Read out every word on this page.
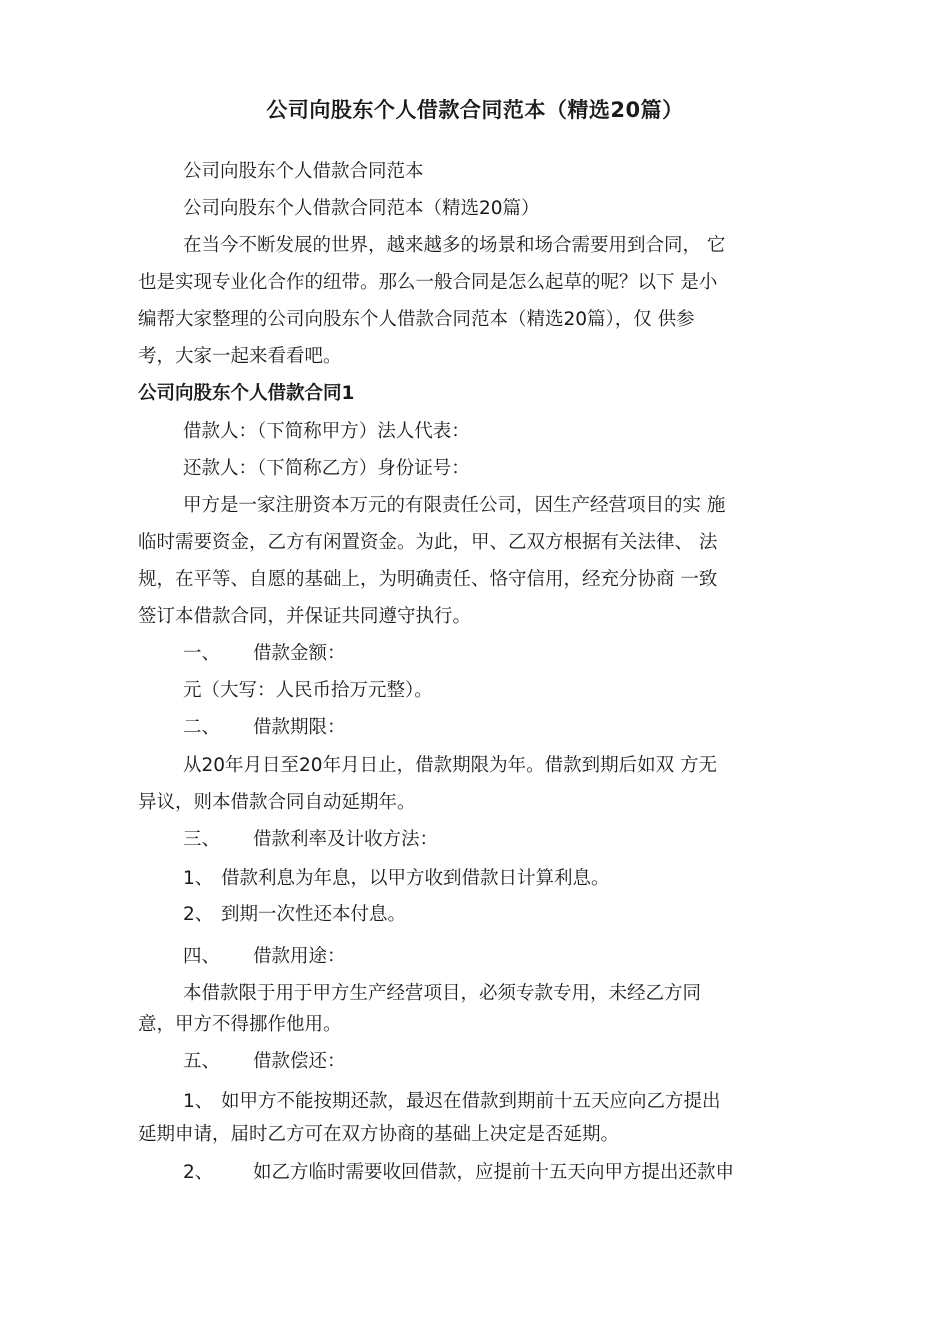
公司向股东个人借款合同范本（精选20篇）
公司向股东个人借款合同范本
公司向股东个人借款合同范本（精选20篇）
在当今不断发展的世界，越来越多的场景和场合需要用到合同， 它
也是实现专业化合作的纽带。那么一般合同是怎么起草的呢？以下 是小
编帮大家整理的公司向股东个人借款合同范本（精选20篇），仅 供参
考，大家一起来看看吧。
公司向股东个人借款合同1
借款人：（下简称甲方）法人代表：
还款人：（下简称乙方）身份证号：
甲方是一家注册资本万元的有限责任公司，因生产经营项目的实 施
临时需要资金，乙方有闲置资金。为此，甲、乙双方根据有关法律、 法
规，在平等、自愿的基础上，为明确责任、恪守信用，经充分协商 一致
签订本借款合同，并保证共同遵守执行。
一、 借款金额：
元（大写：人民币拾万元整）。
二、 借款期限：
从20年月日至20年月日止，借款期限为年。借款到期后如双 方无
异议，则本借款合同自动延期年。
三、 借款利率及计收方法：
1、 借款利息为年息，以甲方收到借款日计算利息。
2、 到期一次性还本付息。
四、 借款用途：
本借款限于用于甲方生产经营项目，必须专款专用，未经乙方同
意，甲方不得挪作他用。
五、 借款偿还：
1、 如甲方不能按期还款，最迟在借款到期前十五天应向乙方提出
延期申请，届时乙方可在双方协商的基础上决定是否延期。
2、 如乙方临时需要收回借款，应提前十五天向甲方提出还款申
